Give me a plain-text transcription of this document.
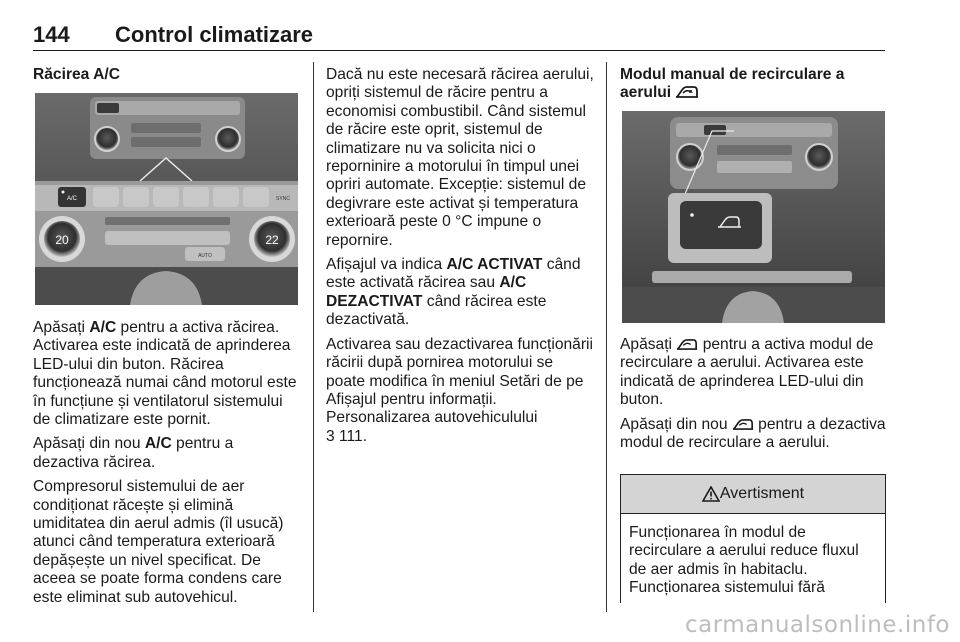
144 Control climatizare
Răcirea A/C
A/C	SYNC
AUTO
20	22

Apăsați A/C pentru a activa răcirea. Activarea este indicată de aprinderea LED-ului din buton. Răcirea funcționează numai când motorul este în funcțiune și ventilatorul sistemului de climatizare este pornit.

Apăsați din nou A/C pentru a dezactiva răcirea.

Compresorul sistemului de aer condiționat răcește și elimină umiditatea din aerul admis (îl usucă) atunci când temperatura exterioară depășește un nivel specificat. De aceea se poate forma condens care este eliminat sub autovehicul.

Dacă nu este necesară răcirea aerului, opriți sistemul de răcire pentru a economisi combustibil. Când sistemul de răcire este oprit, sistemul de climatizare nu va solicita nici o reporninire a motorului în timpul unei opriri automate. Excepție: sistemul de degivrare este activat și temperatura exterioară peste 0 °C impune o repornire.

Afișajul va indica A/C ACTIVAT când este activată răcirea sau A/C DEZACTIVAT când răcirea este dezactivată.

Activarea sau dezactivarea funcționării răcirii după pornirea motorului se poate modifica în meniul Setări de pe Afișajul pentru informații. Personalizarea autovehiculului
3 111.

Modul manual de recirculare a aerului

Apăsați  pentru a activa modul de recirculare a aerului. Activarea este indicată de aprinderea LED-ului din buton.

Apăsați din nou  pentru a dezactiva modul de recirculare a aerului.

Avertisment
Funcționarea în modul de recirculare a aerului reduce fluxul de aer admis în habitaclu. Funcționarea sistemului fără
carmanualsonline.info
